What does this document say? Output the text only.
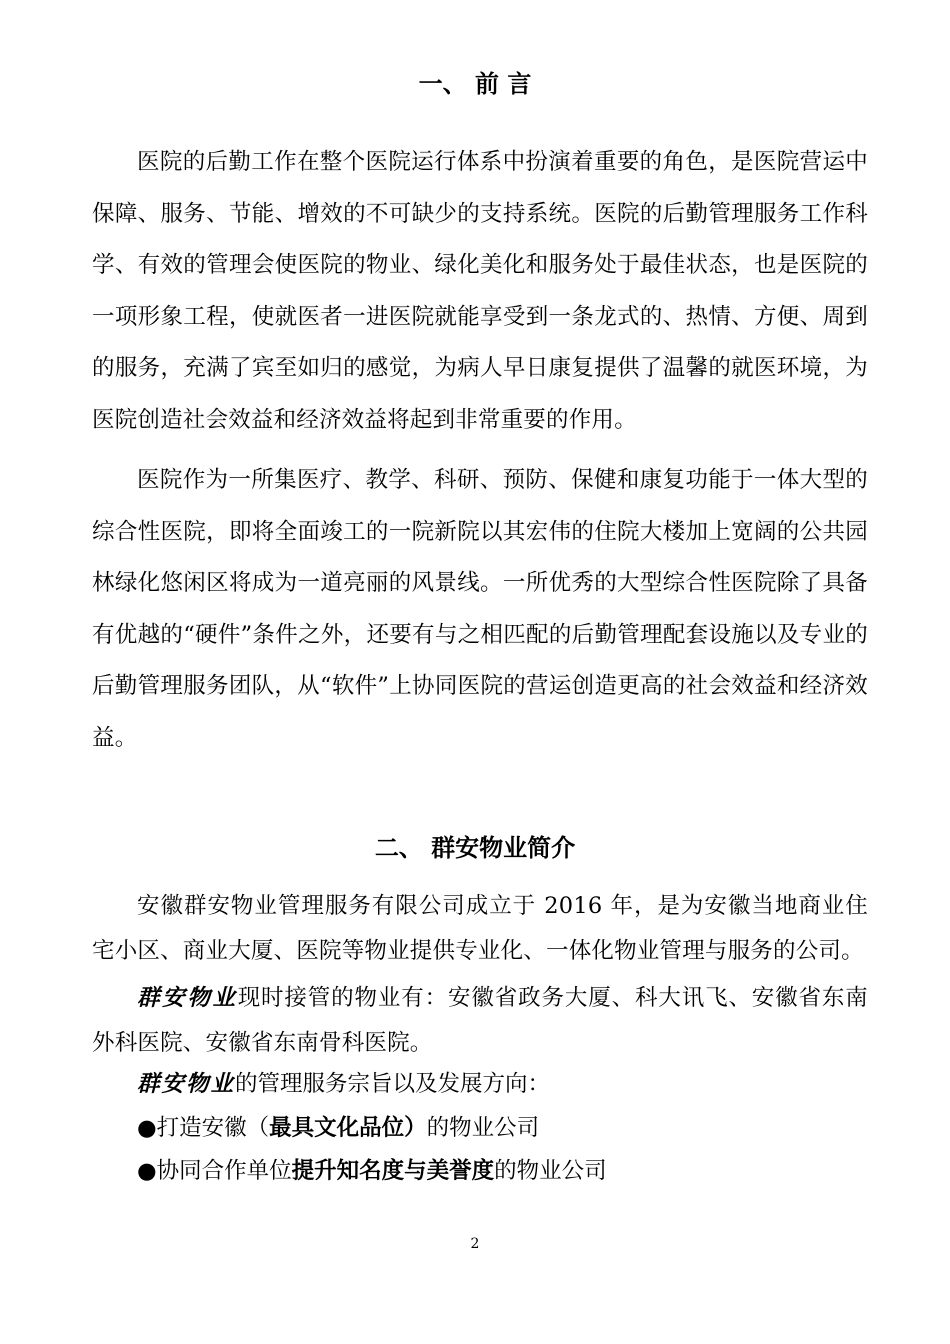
一、 前 言

医院的后勤工作在整个医院运行体系中扮演着重要的角色，是医院营运中保障、服务、节能、增效的不可缺少的支持系统。医院的后勤管理服务工作科学、有效的管理会使医院的物业、绿化美化和服务处于最佳状态，也是医院的一项形象工程，使就医者一进医院就能享受到一条龙式的、热情、方便、周到的服务，充满了宾至如归的感觉，为病人早日康复提供了温馨的就医环境，为医院创造社会效益和经济效益将起到非常重要的作用。

医院作为一所集医疗、教学、科研、预防、保健和康复功能于一体大型的综合性医院，即将全面竣工的一院新院以其宏伟的住院大楼加上宽阔的公共园林绿化悠闲区将成为一道亮丽的风景线。一所优秀的大型综合性医院除了具备有优越的“硬件”条件之外，还要有与之相匹配的后勤管理配套设施以及专业的后勤管理服务团队，从“软件”上协同医院的营运创造更高的社会效益和经济效益。

二、 群安物业简介

安徽群安物业管理服务有限公司成立于 2016 年，是为安徽当地商业住宅小区、商业大厦、医院等物业提供专业化、一体化物业管理与服务的公司。

群安物业现时接管的物业有：安徽省政务大厦、科大讯飞、安徽省东南外科医院、安徽省东南骨科医院。

群安物业的管理服务宗旨以及发展方向：
●打造安徽（最具文化品位）的物业公司
●协同合作单位提升知名度与美誉度的物业公司
2
